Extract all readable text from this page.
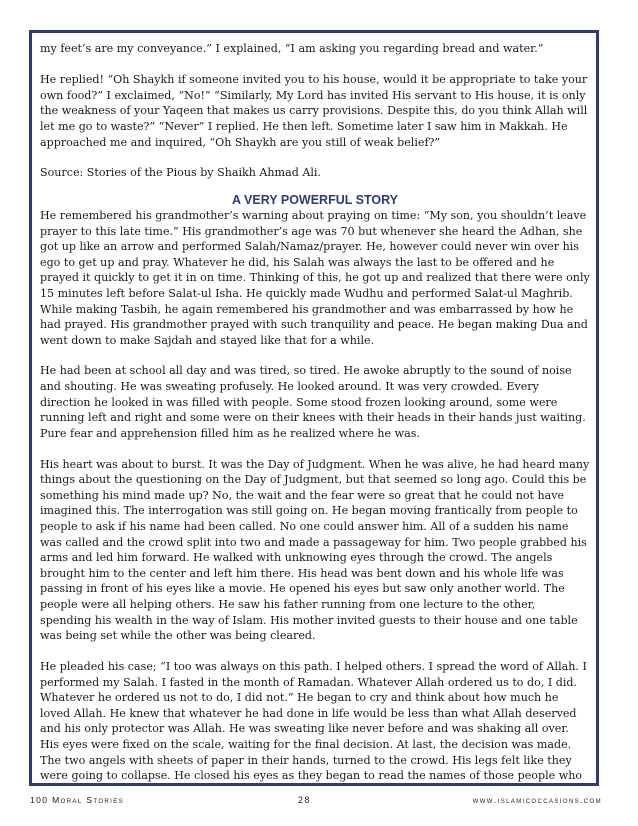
my feet’s are my conveyance.” I explained, “I am asking you regarding bread and water.”

He replied! “Oh Shaykh if someone invited you to his house, would it be appropriate to take your own food?” I exclaimed, “No!” “Similarly, My Lord has invited His servant to His house, it is only the weakness of your Yaqeen that makes us carry provisions. Despite this, do you think Allah will let me go to waste?” “Never” I replied. He then left. Sometime later I saw him in Makkah. He approached me and inquired, “Oh Shaykh are you still of weak belief?”

Source: Stories of the Pious by Shaikh Ahmad Ali.

A VERY POWERFUL STORY

He remembered his grandmother’s warning about praying on time: “My son, you shouldn’t leave prayer to this late time.” His grandmother’s age was 70 but whenever she heard the Adhan, she got up like an arrow and performed Salah/Namaz/prayer. He, however could never win over his ego to get up and pray. Whatever he did, his Salah was always the last to be offered and he prayed it quickly to get it in on time. Thinking of this, he got up and realized that there were only 15 minutes left before Salat-ul Isha. He quickly made Wudhu and performed Salat-ul Maghrib. While making Tasbih, he again remembered his grandmother and was embarrassed by how he had prayed. His grandmother prayed with such tranquility and peace. He began making Dua and went down to make Sajdah and stayed like that for a while.

He had been at school all day and was tired, so tired. He awoke abruptly to the sound of noise and shouting. He was sweating profusely. He looked around. It was very crowded. Every direction he looked in was filled with people. Some stood frozen looking around, some were running left and right and some were on their knees with their heads in their hands just waiting. Pure fear and apprehension filled him as he realized where he was.

His heart was about to burst. It was the Day of Judgment. When he was alive, he had heard many things about the questioning on the Day of Judgment, but that seemed so long ago. Could this be something his mind made up? No, the wait and the fear were so great that he could not have imagined this. The interrogation was still going on. He began moving frantically from people to people to ask if his name had been called. No one could answer him. All of a sudden his name was called and the crowd split into two and made a passageway for him. Two people grabbed his arms and led him forward. He walked with unknowing eyes through the crowd. The angels brought him to the center and left him there. His head was bent down and his whole life was passing in front of his eyes like a movie. He opened his eyes but saw only another world. The people were all helping others. He saw his father running from one lecture to the other, spending his wealth in the way of Islam. His mother invited guests to their house and one table was being set while the other was being cleared.

He pleaded his case; “I too was always on this path. I helped others. I spread the word of Allah. I performed my Salah. I fasted in the month of Ramadan. Whatever Allah ordered us to do, I did. Whatever he ordered us not to do, I did not.” He began to cry and think about how much he loved Allah. He knew that whatever he had done in life would be less than what Allah deserved and his only protector was Allah. He was sweating like never before and was shaking all over. His eyes were fixed on the scale, waiting for the final decision. At last, the decision was made. The two angels with sheets of paper in their hands, turned to the crowd. His legs felt like they were going to collapse. He closed his eyes as they began to read the names of those people who

100 Moral Stories	28	www.islamicoccasions.com
